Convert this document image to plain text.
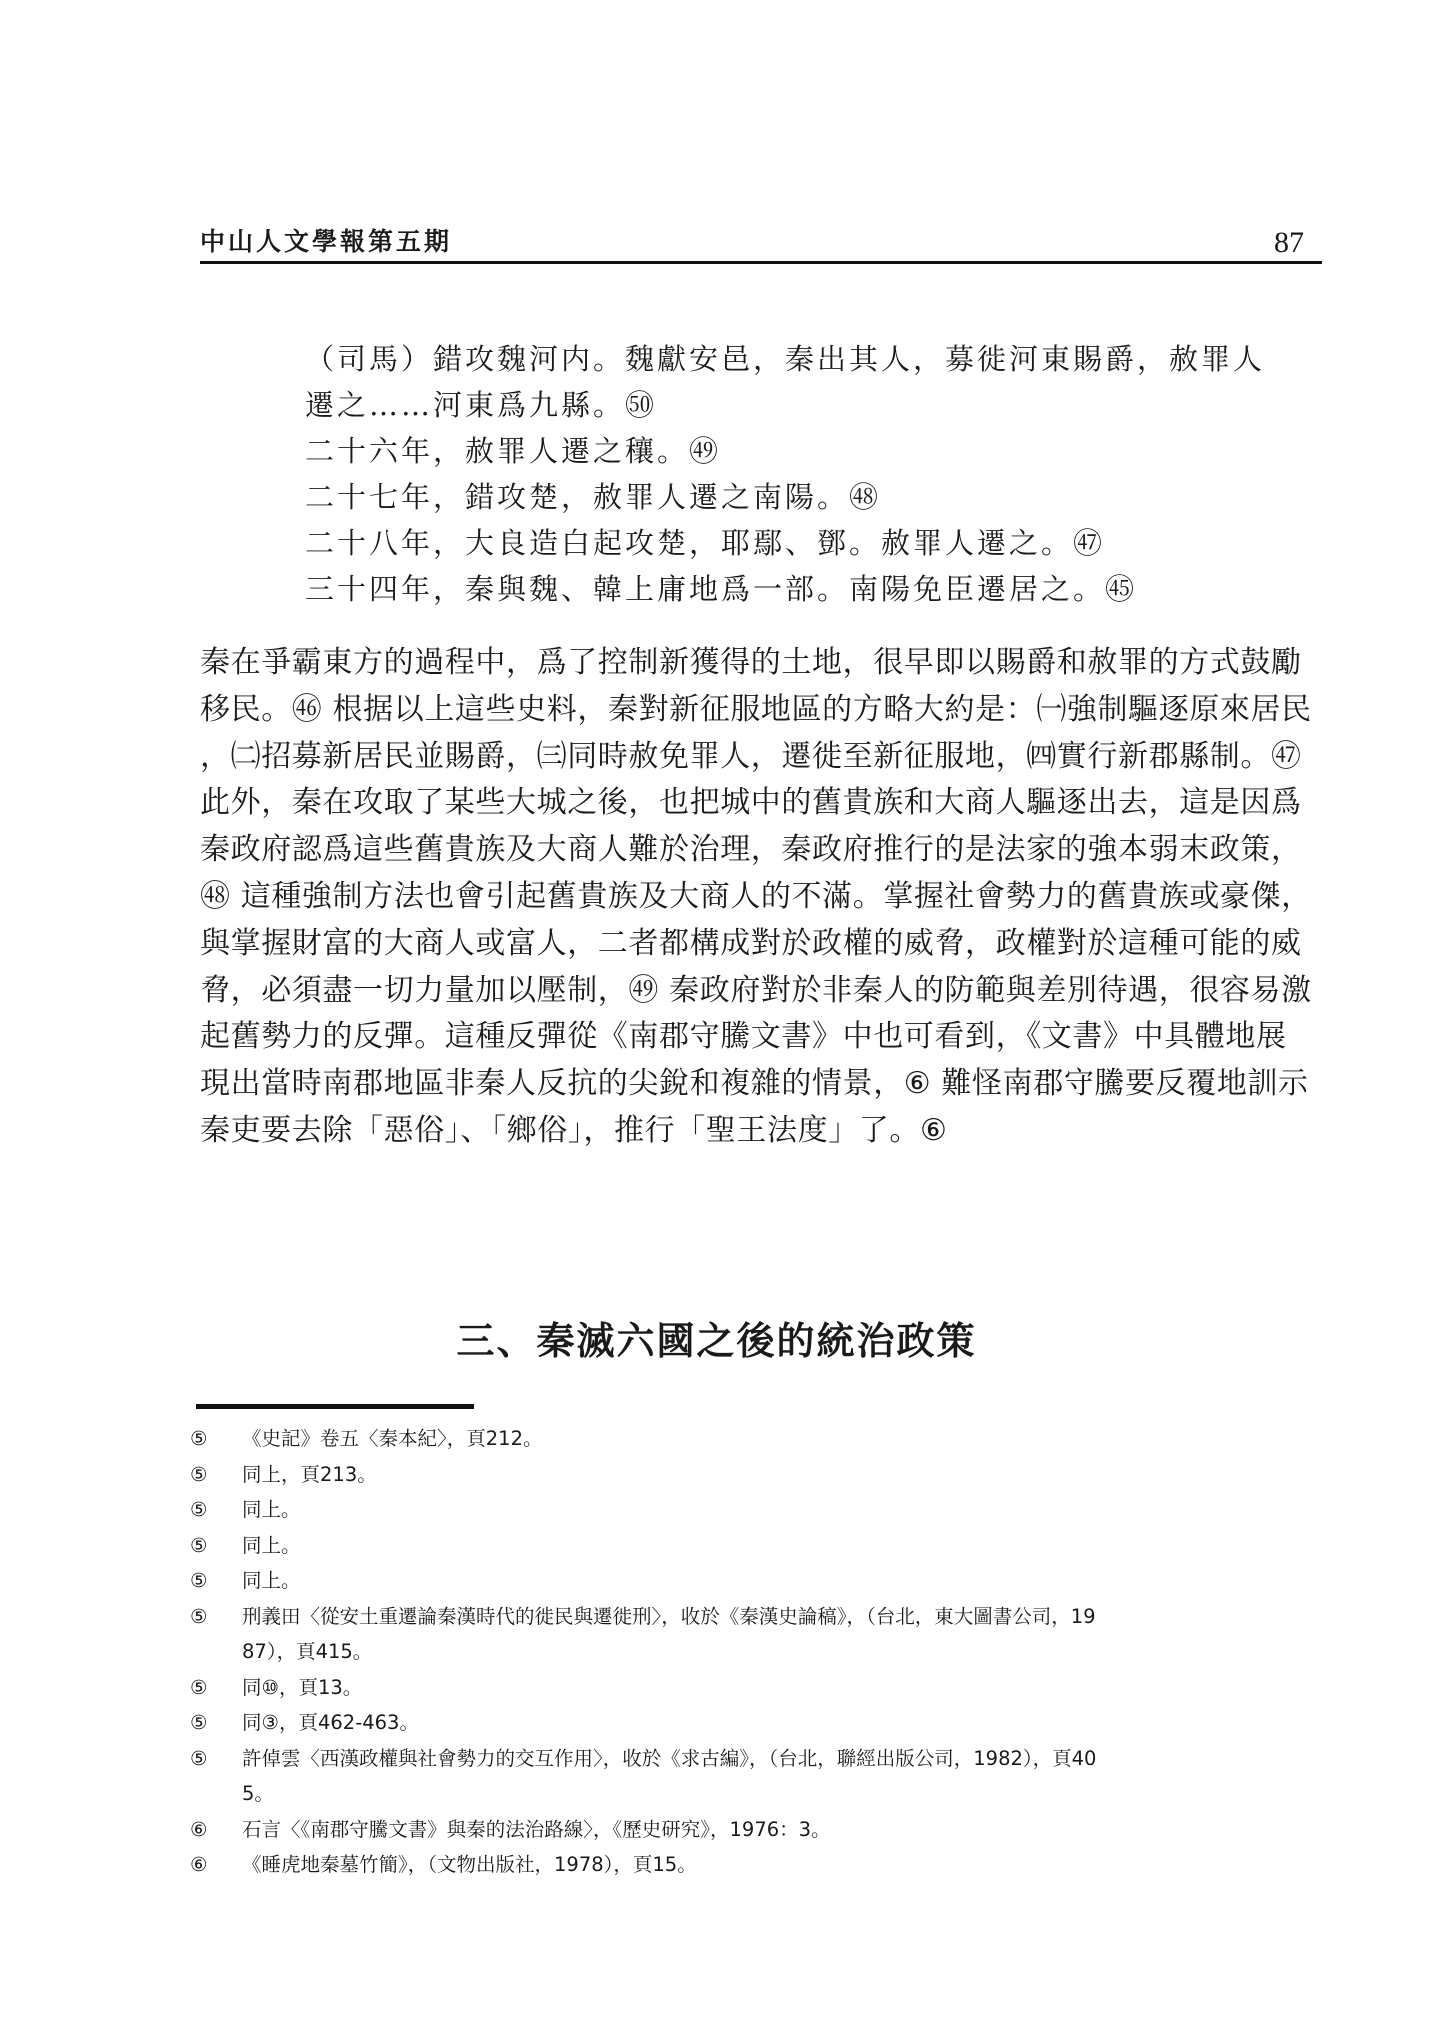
中山人文學報第五期	87
（司馬）錯攻魏河内。魏獻安邑，秦出其人，募徙河東賜爵，赦罪人
遷之……河東爲九縣。㊿
二十六年，赦罪人遷之穰。㊾
二十七年，錯攻楚，赦罪人遷之南陽。㊽
二十八年，大良造白起攻楚，耶鄢、鄧。赦罪人遷之。㊼
三十四年，秦與魏、韓上庸地爲一部。南陽免臣遷居之。㊺
秦在爭霸東方的過程中，爲了控制新獲得的土地，很早即以賜爵和赦罪的方式鼓勵
移民。㊻ 根据以上這些史料，秦對新征服地區的方略大約是：㈠強制驅逐原來居民
，㈡招募新居民並賜爵，㈢同時赦免罪人，遷徙至新征服地，㈣實行新郡縣制。㊼
此外，秦在攻取了某些大城之後，也把城中的舊貴族和大商人驅逐出去，這是因爲
秦政府認爲這些舊貴族及大商人難於治理，秦政府推行的是法家的強本弱末政策，
㊽ 這種強制方法也會引起舊貴族及大商人的不滿。掌握社會勢力的舊貴族或豪傑，
與掌握財富的大商人或富人，二者都構成對於政權的威脅，政權對於這種可能的威
脅，必須盡一切力量加以壓制，㊾ 秦政府對於非秦人的防範與差別待遇，很容易激
起舊勢力的反彈。這種反彈從《南郡守騰文書》中也可看到，《文書》中具體地展
現出當時南郡地區非秦人反抗的尖銳和複雜的情景，⑥ 難怪南郡守騰要反覆地訓示
秦吏要去除「惡俗」、「鄉俗」，推行「聖王法度」了。⑥
三、秦滅六國之後的統治政策
⑤	《史記》卷五〈秦本紀〉，頁212。
⑤	同上，頁213。
⑤	同上。
⑤	同上。
⑤	同上。
⑤	刑義田〈從安土重遷論秦漢時代的徙民與遷徙刑〉，收於《秦漢史論稿》，（台北，東大圖書公司，19
87），頁415。
⑤	同⑩，頁13。
⑤	同③，頁462-463。
⑤	許倬雲〈西漢政權與社會勢力的交互作用〉，收於《求古編》，（台北，聯經出版公司，1982），頁40
5。
⑥	石言〈《南郡守騰文書》與秦的法治路線〉，《歷史研究》，1976：3。
⑥	《睡虎地秦墓竹簡》，（文物出版社，1978），頁15。
